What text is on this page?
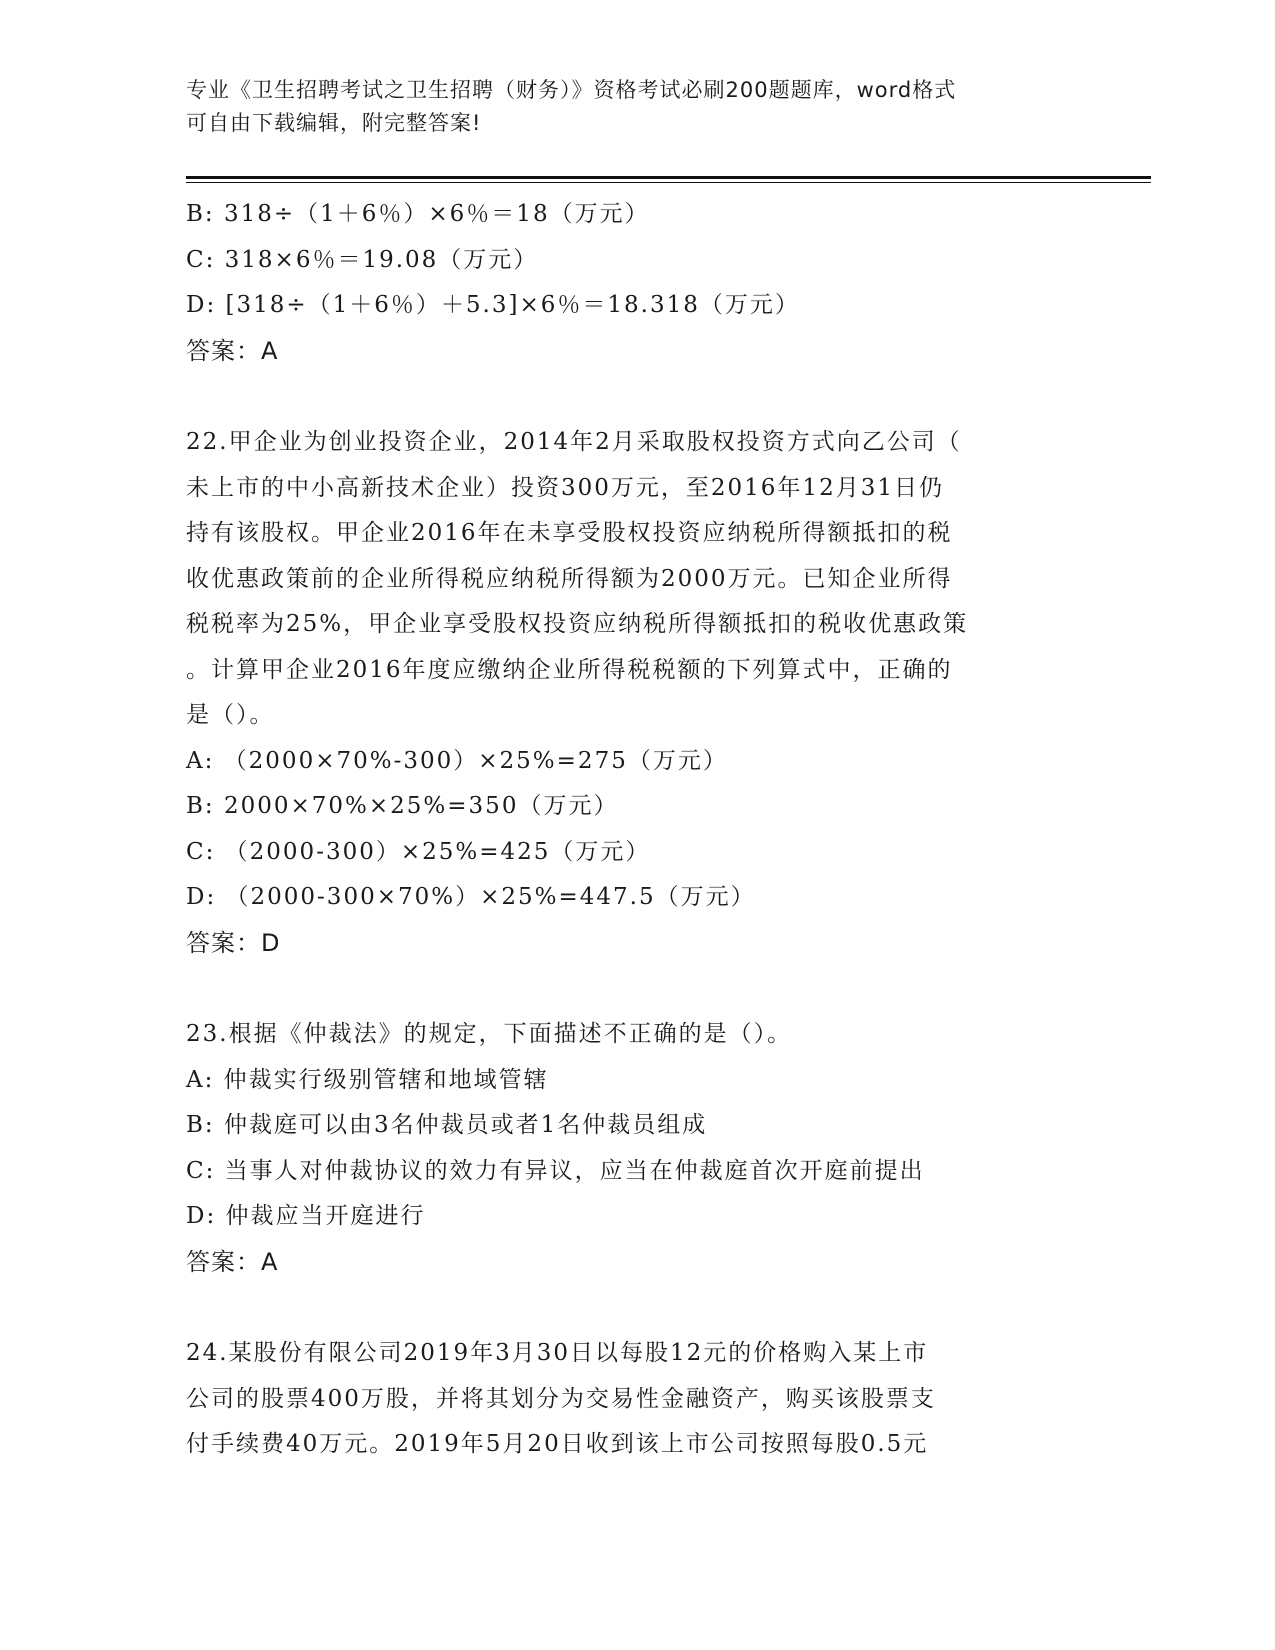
专业《卫生招聘考试之卫生招聘（财务）》资格考试必刷200题题库，word格式
可自由下载编辑，附完整答案!
B: 318÷（1＋6％）×6％＝18（万元）
C: 318×6％＝19.08（万元）
D: [318÷（1＋6％）＋5.3]×6％＝18.318（万元）
答案：A
22.甲企业为创业投资企业，2014年2月采取股权投资方式向乙公司（
未上市的中小高新技术企业）投资300万元，至2016年12月31日仍
持有该股权。甲企业2016年在未享受股权投资应纳税所得额抵扣的税
收优惠政策前的企业所得税应纳税所得额为2000万元。已知企业所得
税税率为25%，甲企业享受股权投资应纳税所得额抵扣的税收优惠政策
。计算甲企业2016年度应缴纳企业所得税税额的下列算式中，正确的
是（）。
A: （2000×70%-300）×25%=275（万元）
B: 2000×70%×25%=350（万元）
C: （2000-300）×25%=425（万元）
D: （2000-300×70%）×25%=447.5（万元）
答案：D
23.根据《仲裁法》的规定，下面描述不正确的是（）。
A: 仲裁实行级别管辖和地域管辖
B: 仲裁庭可以由3名仲裁员或者1名仲裁员组成
C: 当事人对仲裁协议的效力有异议，应当在仲裁庭首次开庭前提出
D: 仲裁应当开庭进行
答案：A
24.某股份有限公司2019年3月30日以每股12元的价格购入某上市
公司的股票400万股，并将其划分为交易性金融资产，购买该股票支
付手续费40万元。2019年5月20日收到该上市公司按照每股0.5元
